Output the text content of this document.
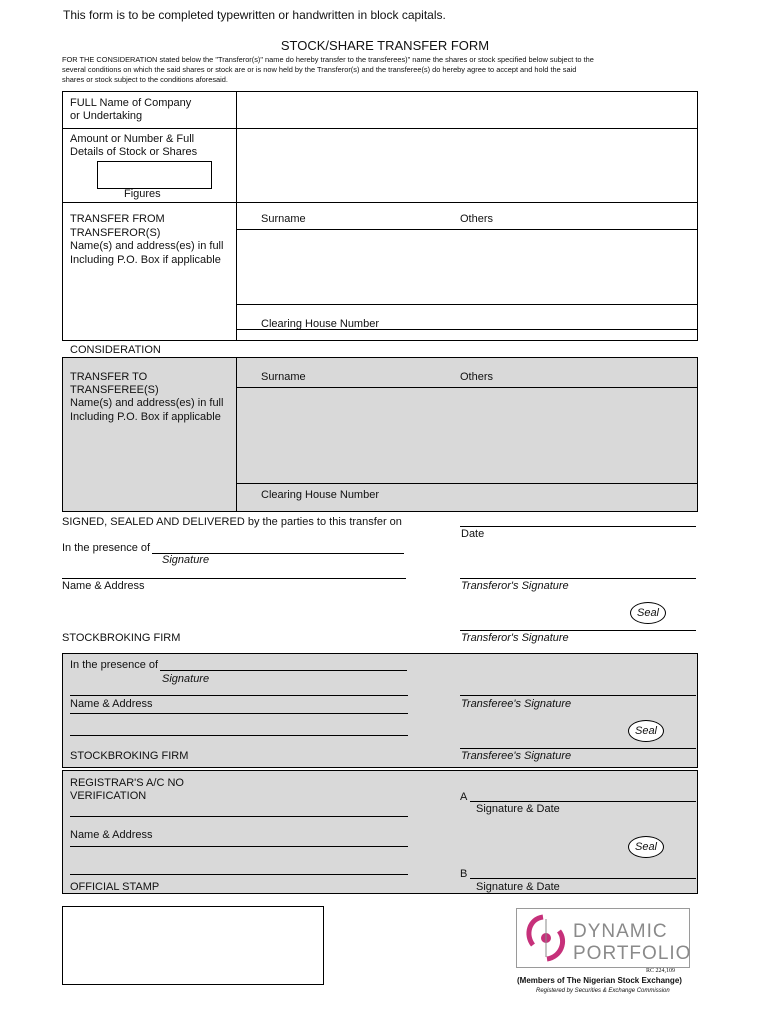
This form is to be completed typewritten or handwritten in block capitals.
STOCK/SHARE TRANSFER FORM
FOR THE CONSIDERATION stated below the "Transferor(s)" name do hereby transfer to the transferees)" name the shares or stock specified below subject to the
several conditions on which the said shares or stock are or is now held by the Transferor(s) and the transferee(s) do hereby agree to accept and hold the said
shares or stock subject to the conditions aforesaid.
FULL Name of Company
or Undertaking
Amount or Number & Full
Details of Stock or Shares
Figures
TRANSFER FROM
TRANSFEROR(S)
Name(s) and address(es) in full
Including P.O. Box if applicable
Surname	Others
Clearing House Number
CONSIDERATION
TRANSFER TO
TRANSFEREE(S)
Name(s) and address(es) in full
Including P.O. Box if applicable
Surname	Others
Clearing House Number
SIGNED, SEALED AND DELIVERED by the parties to this transfer on
Date
In the presence of
Signature
Name & Address	Transferor's Signature
Seal
STOCKBROKING FIRM	Transferor's Signature
In the presence of
Signature
Name & Address	Transferee's Signature
Seal
STOCKBROKING FIRM	Transferee's Signature
REGISTRAR'S A/C NO
VERIFICATION	A
Signature & Date
Name & Address
Seal
B
OFFICIAL STAMP	Signature & Date
DYNAMIC
PORTFOLIO
RC 224,109
(Members of The Nigerian Stock Exchange)
Registered by Securities & Exchange Commission
